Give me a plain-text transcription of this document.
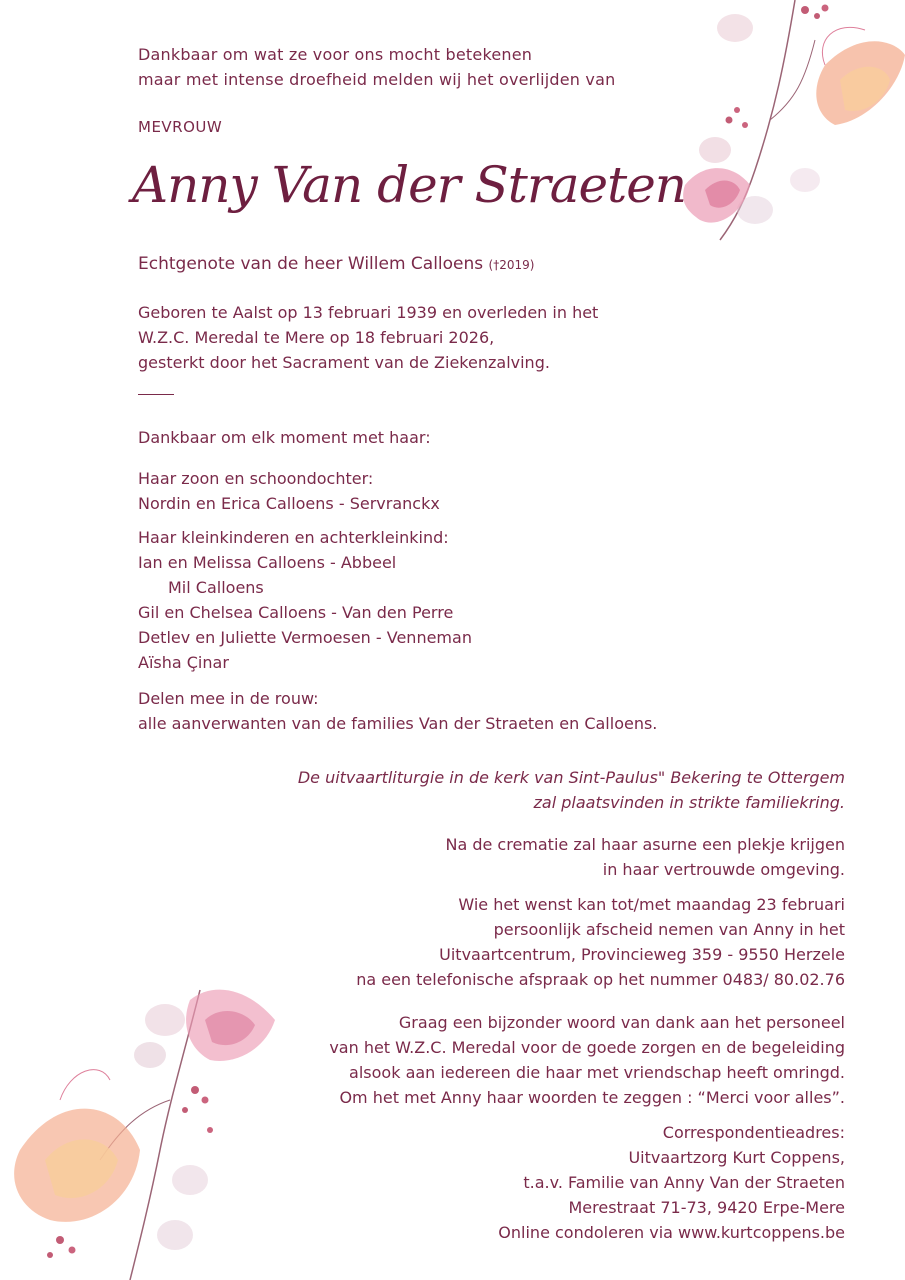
Dankbaar om wat ze voor ons mocht betekenen

maar met intense droefheid melden wij het overlijden van

MEVROUW
Anny Van der Straeten
Echtgenote van de heer Willem Calloens (†2019)
Geboren te Aalst op 13 februari 1939 en overleden in het
W.Z.C. Meredal te Mere op 18 februari 2026,
gesterkt door het Sacrament van de Ziekenzalving.
Dankbaar om elk moment met haar:

Haar zoon en schoondochter:

Nordin en Erica Calloens - Servranckx

Haar kleinkinderen en achterkleinkind:

Ian en Melissa Calloens - Abbeel

Mil Calloens

Gil en Chelsea Calloens - Van den Perre

Detlev en Juliette Vermoesen - Venneman

Aïsha Çinar

Delen mee in de rouw:

alle aanverwanten van de families Van der Straeten en Calloens.

De uitvaartliturgie in de kerk van Sint-Paulus" Bekering te Ottergem

zal plaatsvinden in strikte familiekring.

Na de crematie zal haar asurne een plekje krijgen

in haar vertrouwde omgeving.

Wie het wenst kan tot/met maandag 23 februari

persoonlijk afscheid nemen van Anny in het

Uitvaartcentrum, Provincieweg 359 - 9550 Herzele

na een telefonische afspraak op het nummer 0483/ 80.02.76

Graag een bijzonder woord van dank aan het personeel

van het W.Z.C. Meredal voor de goede zorgen en de begeleiding

alsook aan iedereen die haar met vriendschap heeft omringd.

Om het met Anny haar woorden te zeggen : “Merci voor alles”.

Correspondentieadres:

Uitvaartzorg Kurt Coppens,

t.a.v. Familie van Anny Van der Straeten

Merestraat 71-73, 9420 Erpe-Mere

Online condoleren via www.kurtcoppens.be
